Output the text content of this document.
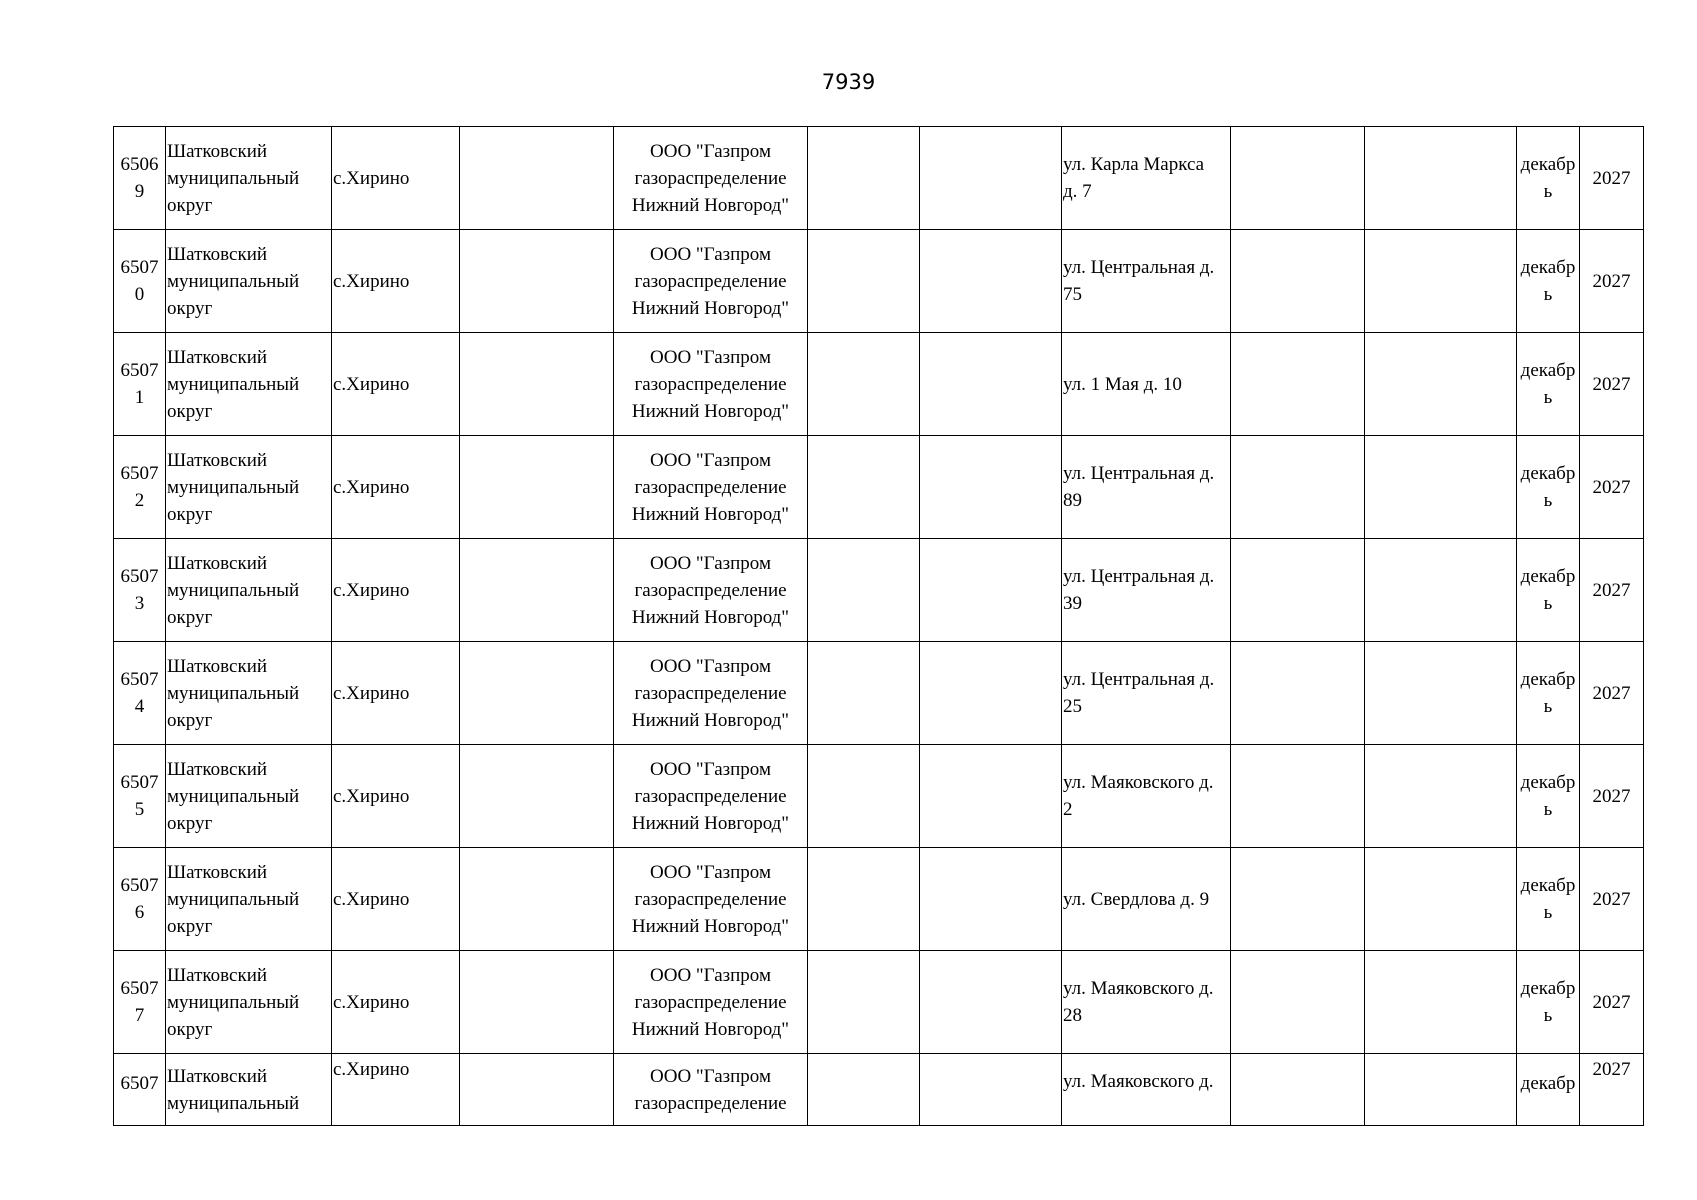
7939
6506
9	Шатковский
муниципальный
округ	с.Хирино		ООО "Газпром
газораспределение
Нижний Новгород"			ул. Карла Маркса
д. 7			декабр
ь	2027
6507
0	Шатковский
муниципальный
округ	с.Хирино		ООО "Газпром
газораспределение
Нижний Новгород"			ул. Центральная д.
75			декабр
ь	2027
6507
1	Шатковский
муниципальный
округ	с.Хирино		ООО "Газпром
газораспределение
Нижний Новгород"			ул. 1 Мая д. 10			декабр
ь	2027
6507
2	Шатковский
муниципальный
округ	с.Хирино		ООО "Газпром
газораспределение
Нижний Новгород"			ул. Центральная д.
89			декабр
ь	2027
6507
3	Шатковский
муниципальный
округ	с.Хирино		ООО "Газпром
газораспределение
Нижний Новгород"			ул. Центральная д.
39			декабр
ь	2027
6507
4	Шатковский
муниципальный
округ	с.Хирино		ООО "Газпром
газораспределение
Нижний Новгород"			ул. Центральная д.
25			декабр
ь	2027
6507
5	Шатковский
муниципальный
округ	с.Хирино		ООО "Газпром
газораспределение
Нижний Новгород"			ул. Маяковского д.
2			декабр
ь	2027
6507
6	Шатковский
муниципальный
округ	с.Хирино		ООО "Газпром
газораспределение
Нижний Новгород"			ул. Свердлова д. 9			декабр
ь	2027
6507
7	Шатковский
муниципальный
округ	с.Хирино		ООО "Газпром
газораспределение
Нижний Новгород"			ул. Маяковского д.
28			декабр
ь	2027
6507	Шатковский
муниципальный	с.Хирино		ООО "Газпром
газораспределение			ул. Маяковского д.			декабр	2027
